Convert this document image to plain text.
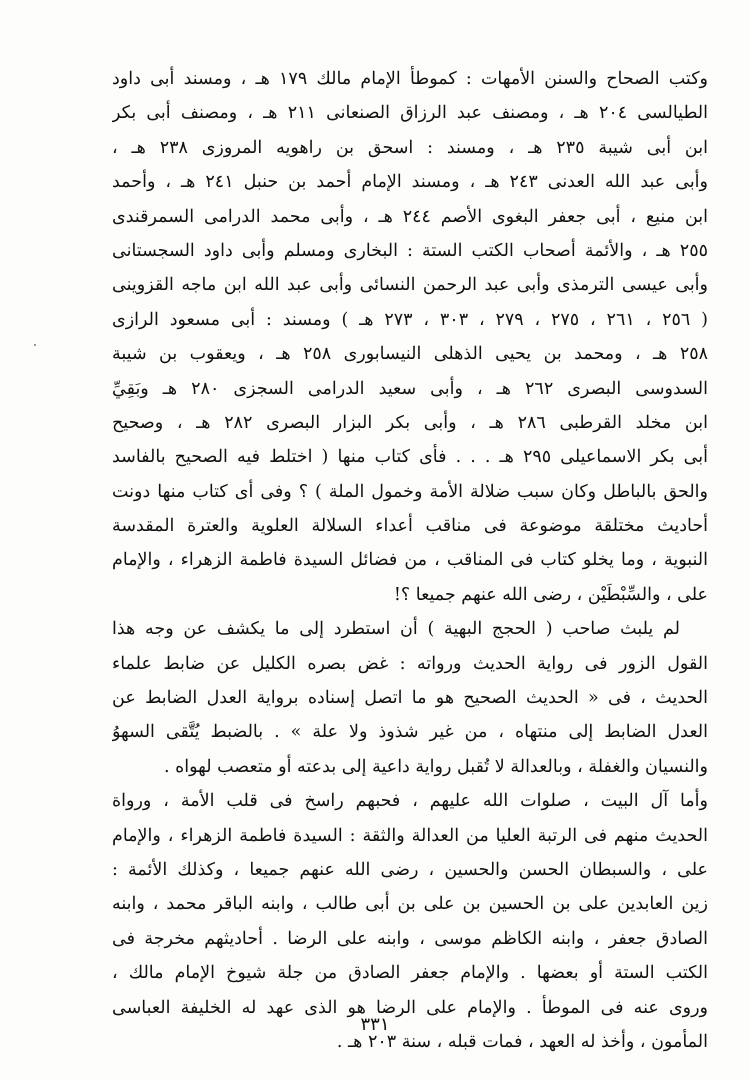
وكتب الصحاح والسنن الأمهات : كموطأ الإمام مالك ١٧٩ هـ ، ومسند أبى داود
الطيالسى ٢٠٤ هـ ، ومصنف عبد الرزاق الصنعانى ٢١١ هـ ، ومصنف أبى بكر
ابن أبى شيبة ٢٣٥ هـ ، ومسند : اسحق بن راهويه المروزى ٢٣٨ هـ ،
وأبى عبد الله العدنى ٢٤٣ هـ ، ومسند الإمام أحمد بن حنبل ٢٤١ هـ ، وأحمد
ابن منيع ، أبى جعفر البغوى الأصم ٢٤٤ هـ ، وأبى محمد الدرامى السمرقندى
٢٥٥ هـ ، والأئمة أصحاب الكتب الستة : البخارى ومسلم وأبى داود السجستانى
وأبى عيسى الترمذى وأبى عبد الرحمن النسائى وأبى عبد الله ابن ماجه القزوينى
( ٢٥٦ ، ٢٦١ ، ٢٧٥ ، ٢٧٩ ، ٣٠٣ ، ٢٧٣ هـ ) ومسند : أبى مسعود الرازى
٢٥٨ هـ ، ومحمد بن يحيى الذهلى النيسابورى ٢٥٨ هـ ، ويعقوب بن شيبة
السدوسى البصرى ٢٦٢ هـ ، وأبى سعيد الدرامى السجزى ٢٨٠ هـ وبَقِيِّ
ابن مخلد القرطبى ٢٨٦ هـ ، وأبى بكر البزار البصرى ٢٨٢ هـ ، وصحيح
أبى بكر الاسماعيلى ٢٩٥ هـ . . . فأى كتاب منها ( اختلط فيه الصحيح بالفاسد
والحق بالباطل وكان سبب ضلالة الأمة وخمول الملة ) ؟ وفى أى كتاب منها دونت
أحاديث مختلقة موضوعة فى مناقب أعداء السلالة العلوية والعترة المقدسة
النبوية ، وما يخلو كتاب فى المناقب ، من فضائل السيدة فاطمة الزهراء ، والإمام
على ، والسِّبْطَيْن ، رضى الله عنهم جميعا ؟!
لم يلبث صاحب ( الحجج البهية ) أن استطرد إلى ما يكشف عن وجه هذا
القول الزور فى رواية الحديث ورواته : غض بصره الكليل عن ضابط علماء
الحديث ، فى « الحديث الصحيح هو ما اتصل إسناده برواية العدل الضابط عن
العدل الضابط إلى منتهاه ، من غير شذوذ ولا علة » . بالضبط يُتَّقى السهوُ
والنسيان والغفلة ، وبالعدالة لا تُقبل رواية داعية إلى بدعته أو متعصب لهواه .
وأما آل البيت ، صلوات الله عليهم ، فحبهم راسخ فى قلب الأمة ، ورواة
الحديث منهم فى الرتبة العليا من العدالة والثقة : السيدة فاطمة الزهراء ، والإمام
على ، والسبطان الحسن والحسين ، رضى الله عنهم جميعا ، وكذلك الأئمة :
زين العابدين على بن الحسين بن على بن أبى طالب ، وابنه الباقر محمد ، وابنه
الصادق جعفر ، وابنه الكاظم موسى ، وابنه على الرضا . أحاديثهم مخرجة فى
الكتب الستة أو بعضها . والإمام جعفر الصادق من جلة شيوخ الإمام مالك ،
وروى عنه فى الموطأ . والإمام على الرضا هو الذى عهد له الخليفة العباسى
المأمون ، وأخذ له العهد ، فمات قبله ، سنة ٢٠٣ هـ .
٣٣١
